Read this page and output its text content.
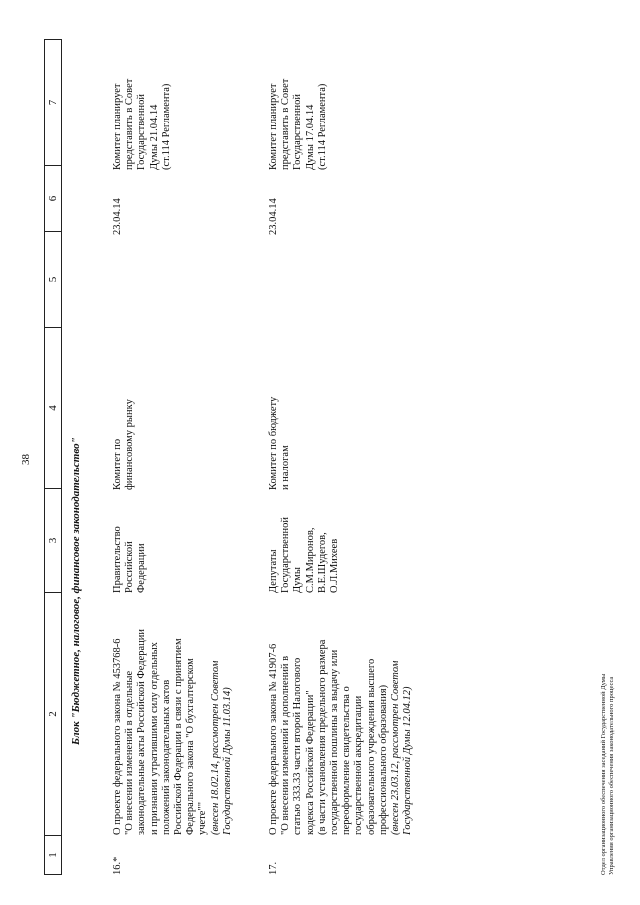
38
1
2
3
4
5
6
7
Блок "Бюджетное, налоговое, финансовое законодательство"
16.*
О проекте федерального закона № 453768-6 "О внесении изменений в отдельные законодательные акты Российской Федерации и признании утратившими силу отдельных положений законодательных актов Российской Федерации в связи с принятием Федерального закона "О бухгалтерском учете"" (внесен 18.02.14, рассмотрен Советом Государственной Думы 11.03.14)
Правительство Российской Федерации
Комитет по финансовому рынку
23.04.14
Комитет планирует представить в Совет Государственной Думы 21.04.14 (ст.114 Регламента)
17.
О проекте федерального закона № 41907-6 "О внесении изменений и дополнений в статью 333.33 части второй Налогового кодекса Российской Федерации" (в части установления предельного размера государственной пошлины за выдачу или переоформление свидетельства о государственной аккредитации образовательного учреждения высшего профессионального образования) (внесен 23.03.12, рассмотрен Советом Государственной Думы 12.04.12)
Депутаты Государственной Думы С.М.Миронов, В.Е.Шудегов, О.Л.Михеев
Комитет по бюджету и налогам
23.04.14
Комитет планирует представить в Совет Государственной Думы 17.04.14 (ст.114 Регламента)
Отдел организационного обеспечения заседаний Государственной Думы Управления организационного обеспечения законодательного процесса
